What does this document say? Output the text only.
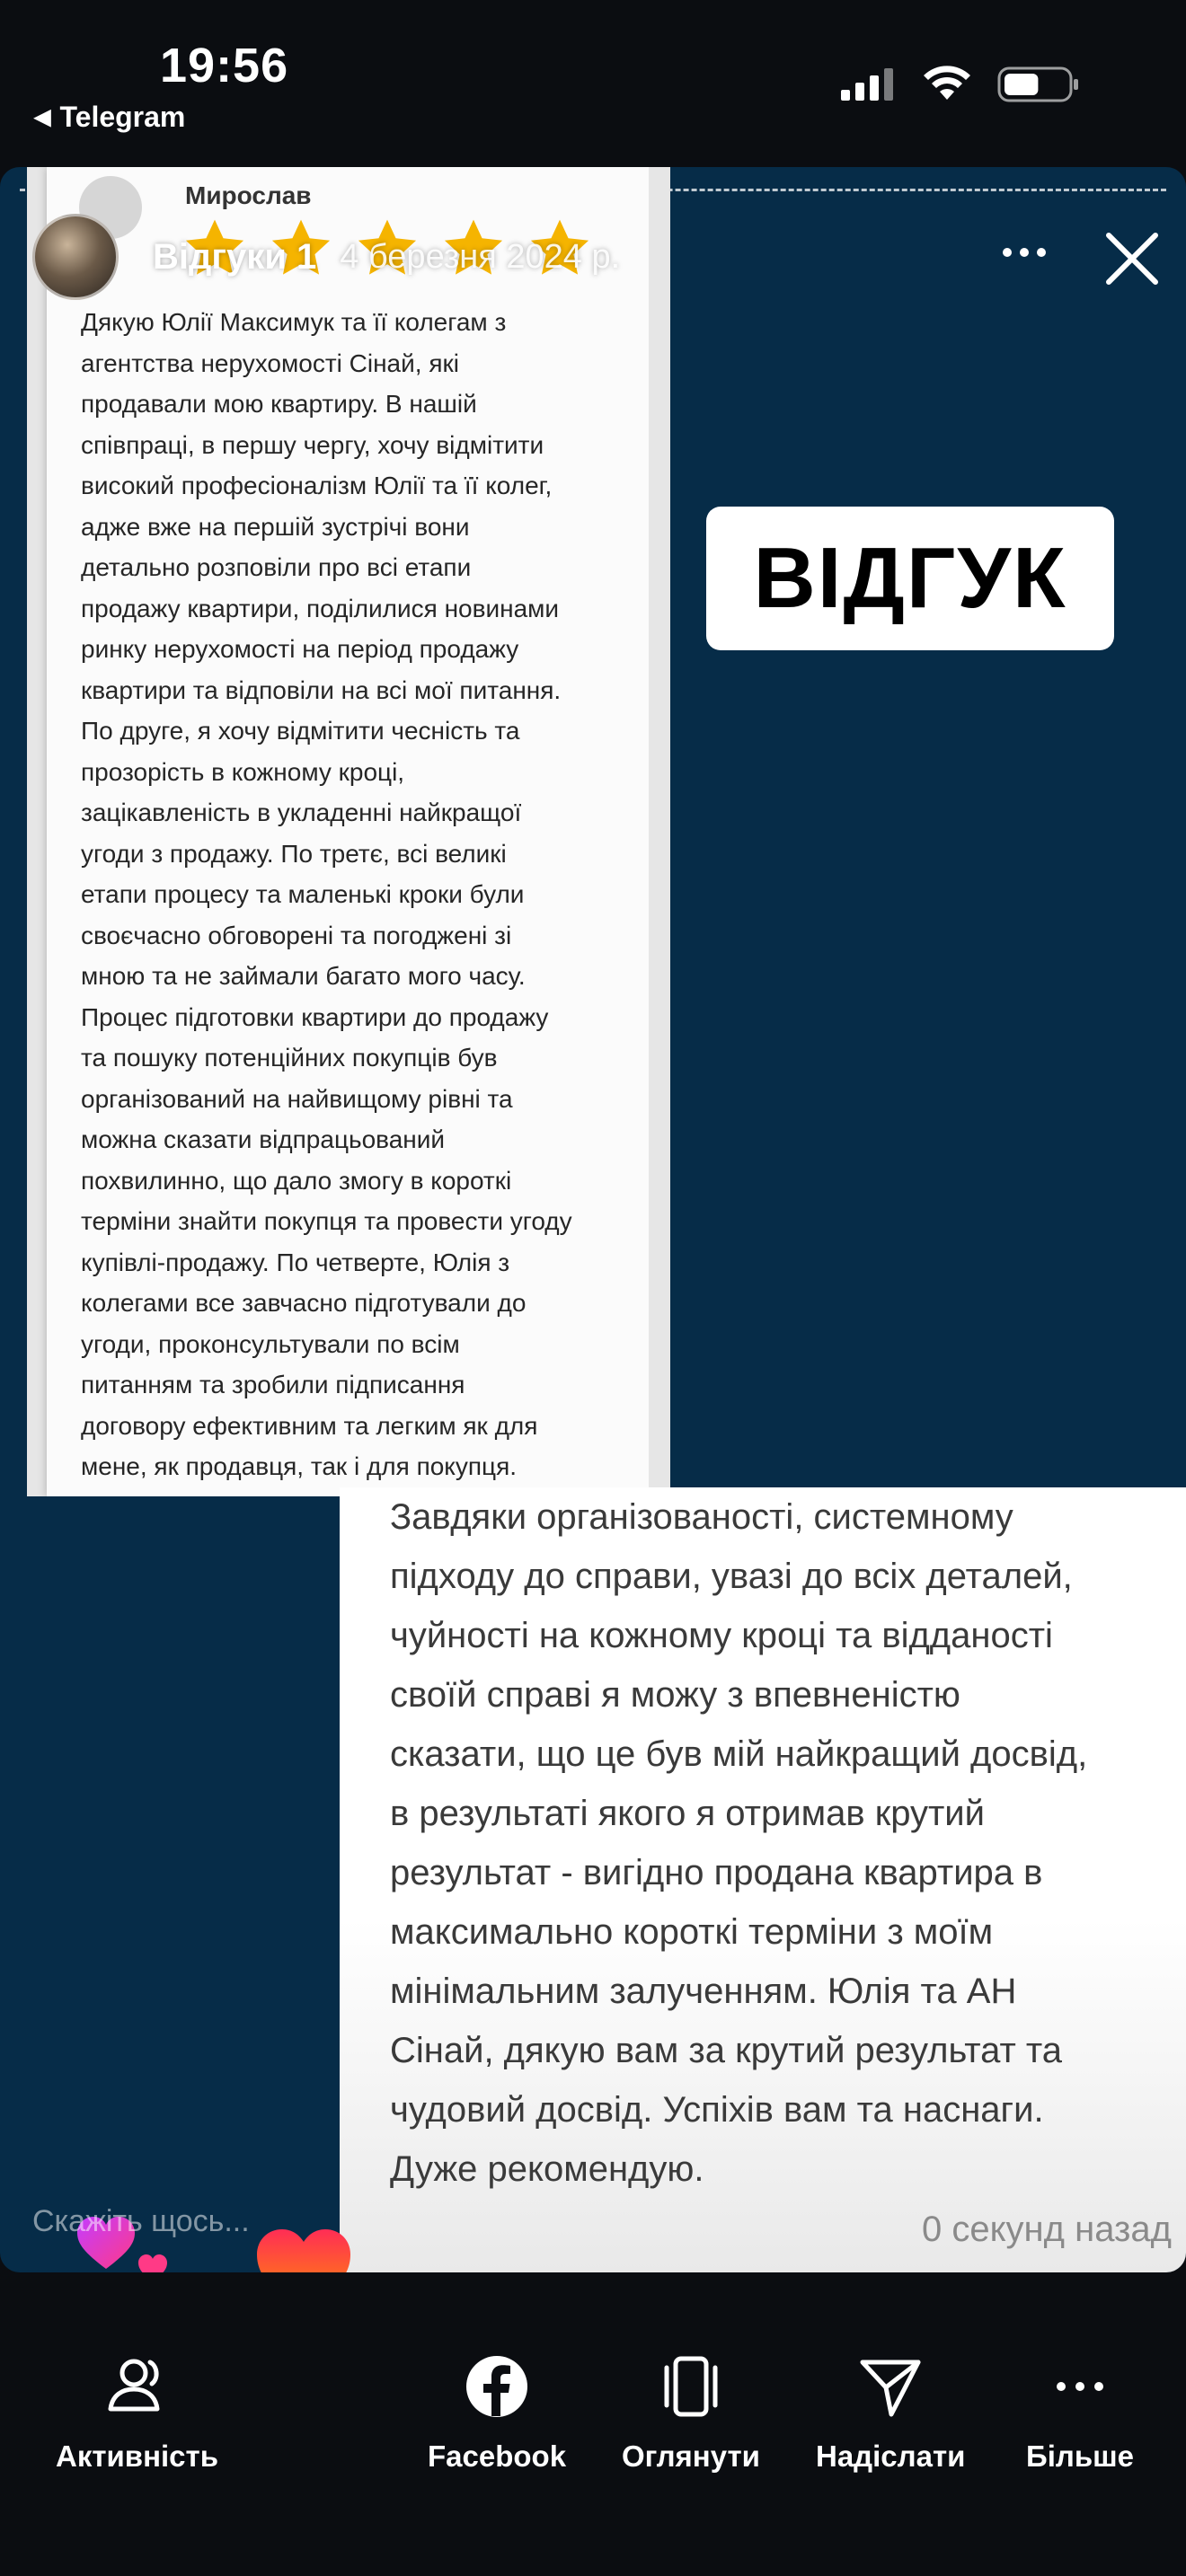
19:56
◀ Telegram
Мирослав
Дякую Юлії Максимук та її колегам з
агентства нерухомості Сінай, які
продавали мою квартиру. В нашій
співпраці, в першу чергу, хочу відмітити
високий професіоналізм Юлії та її колег,
адже вже на першій зустрічі вони
детально розповіли про всі етапи
продажу квартири, поділилися новинами
ринку нерухомості на період продажу
квартири та відповіли на всі мої питання.
По друге, я хочу відмітити чесність та
прозорість в кожному кроці,
зацікавленість в укладенні найкращої
угоди з продажу. По третє, всі великі
етапи процесу та маленькі кроки були
своєчасно обговорені та погоджені зі
мною та не займали багато мого часу.
Процес підготовки квартири до продажу
та пошуку потенційних покупців був
організований на найвищому рівні та
можна сказати відпрацьований
похвилинно, що дало змогу в короткі
терміни знайти покупця та провести угоду
купівлі-продажу. По четверте, Юлія з
колегами все завчасно підготували до
угоди, проконсультували по всім
питанням та зробили підписання
договору ефективним та легким як для
мене, як продавця, так і для покупця.
Завдяки організованості, системному
підходу до справи, увазі до всіх деталей,
чуйності на кожному кроці та відданості
своїй справі я можу з впевненістю
сказати, що це був мій найкращий досвід,
в результаті якого я отримав крутий
результат - вигідно продана квартира в
максимально короткі терміни з моїм
мінімальним залученням. Юлія та АН
Сінай, дякую вам за крутий результат та
чудовий досвід. Успіхів вам та наснаги.
Дуже рекомендую.
0 секунд назад
ВІДГУК
Відгуки 1 4 березня 2024 р.
Скажіть щось...
Активність	Facebook Оглянути Надіслати Більше
